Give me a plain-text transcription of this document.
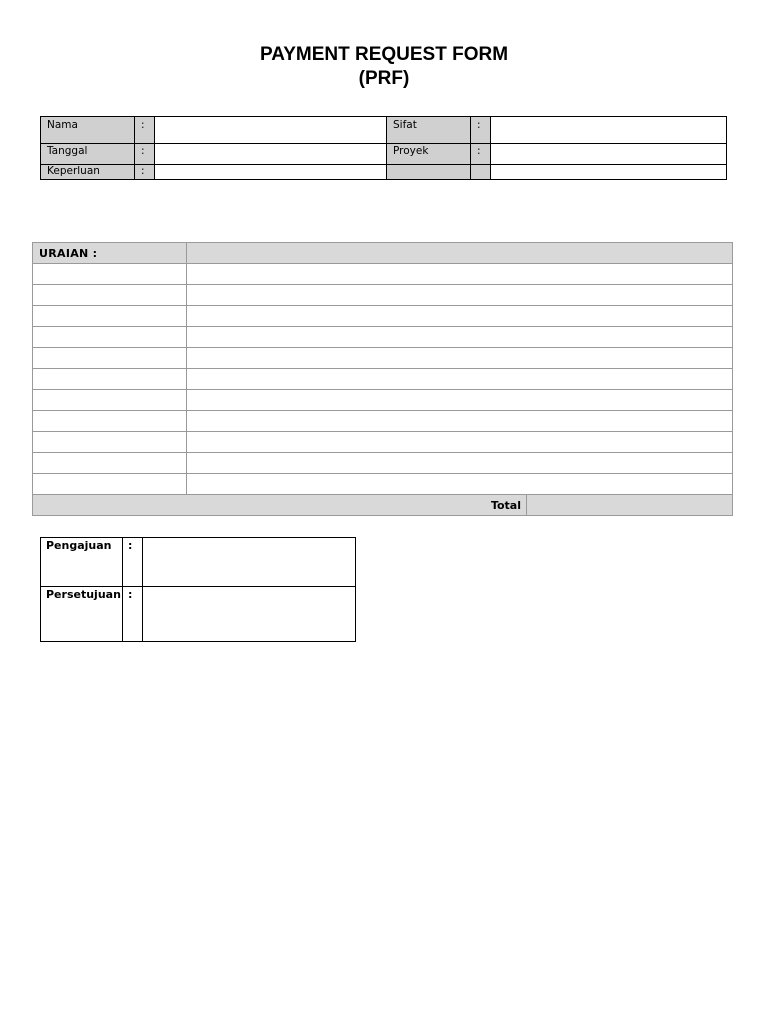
PAYMENT REQUEST FORM
(PRF)
Nama	:		Sifat	:	
Tanggal	:		Proyek	:	
Keperluan	:				
URAIAN :		

Total		
Pengajuan	:	
Persetujuan	:	
